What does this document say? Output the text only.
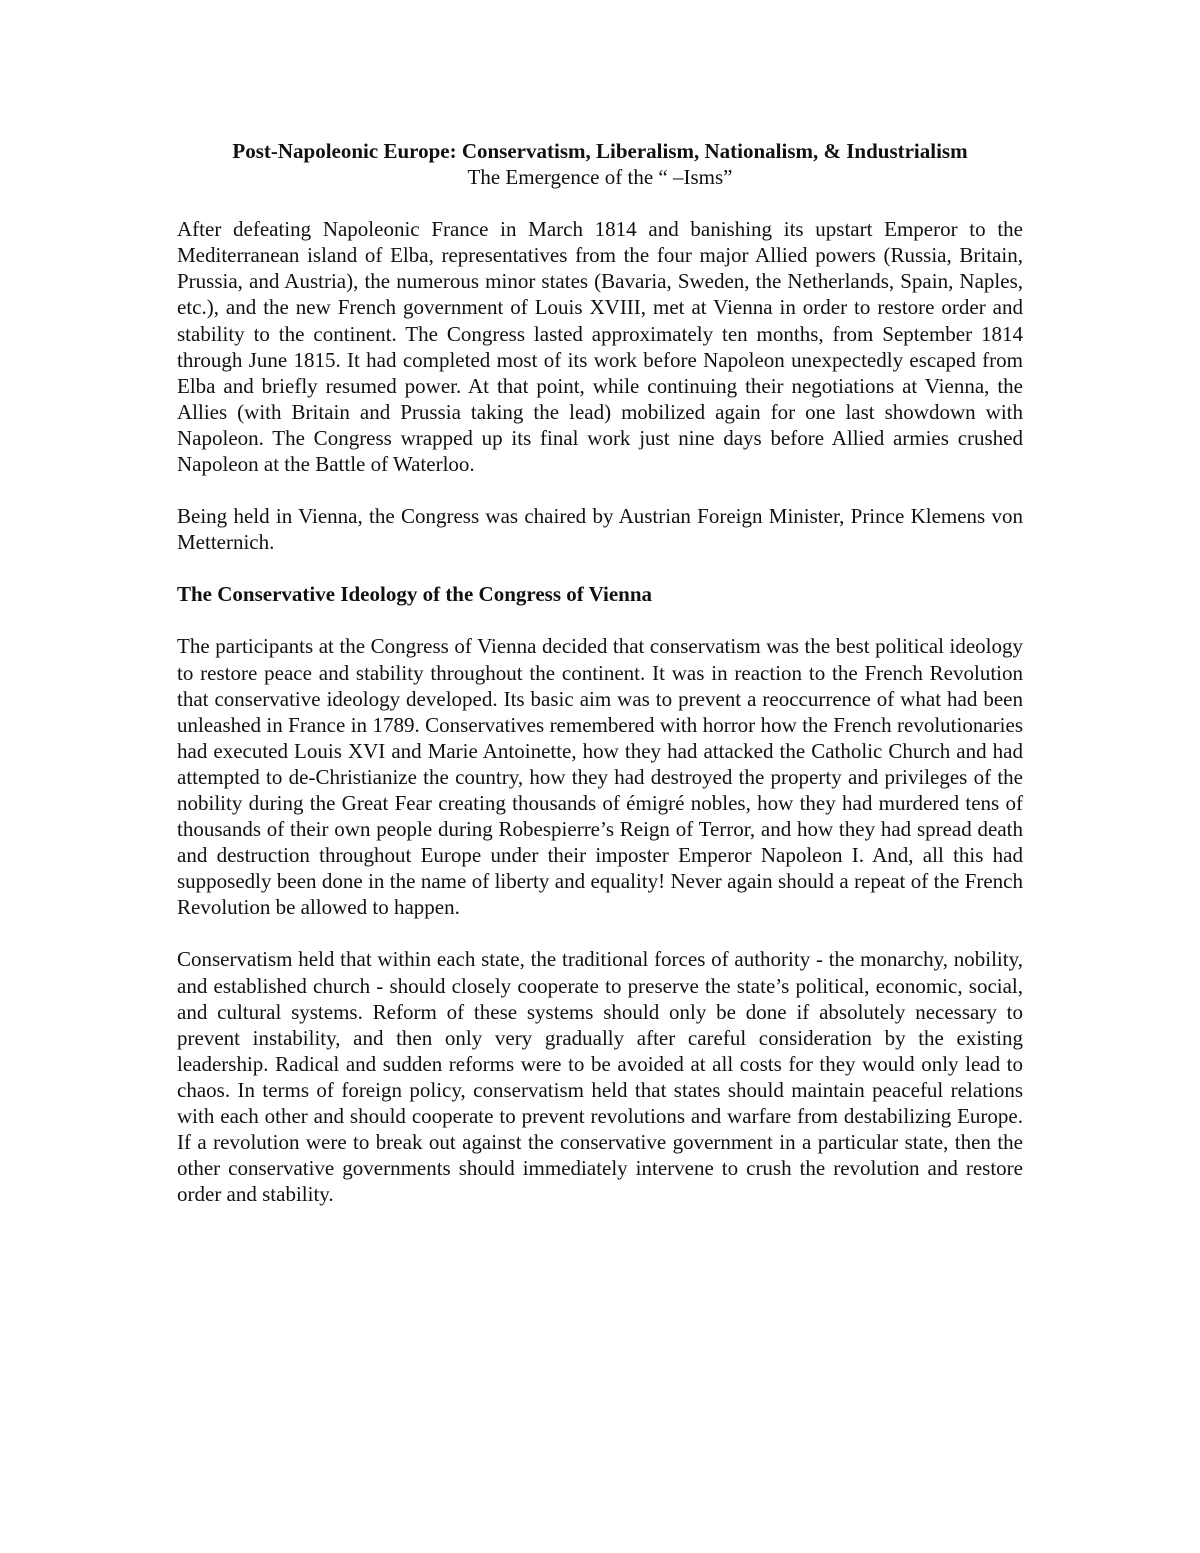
Post-Napoleonic Europe: Conservatism, Liberalism, Nationalism, & Industrialism
The Emergence of the “ –Isms”

After defeating Napoleonic France in March 1814 and banishing its upstart Emperor to the Mediterranean island of Elba, representatives from the four major Allied powers (Russia, Britain, Prussia, and Austria), the numerous minor states (Bavaria, Sweden, the Netherlands, Spain, Naples, etc.), and the new French government of Louis XVIII, met at Vienna in order to restore order and stability to the continent. The Congress lasted approximately ten months, from September 1814 through June 1815. It had completed most of its work before Napoleon unexpectedly escaped from Elba and briefly resumed power. At that point, while continuing their negotiations at Vienna, the Allies (with Britain and Prussia taking the lead) mobilized again for one last showdown with Napoleon. The Congress wrapped up its final work just nine days before Allied armies crushed Napoleon at the Battle of Waterloo.

Being held in Vienna, the Congress was chaired by Austrian Foreign Minister, Prince Klemens von Metternich.

The Conservative Ideology of the Congress of Vienna

The participants at the Congress of Vienna decided that conservatism was the best political ideology to restore peace and stability throughout the continent. It was in reaction to the French Revolution that conservative ideology developed. Its basic aim was to prevent a reoccurrence of what had been unleashed in France in 1789. Conservatives remembered with horror how the French revolutionaries had executed Louis XVI and Marie Antoinette, how they had attacked the Catholic Church and had attempted to de-Christianize the country, how they had destroyed the property and privileges of the nobility during the Great Fear creating thousands of émigré nobles, how they had murdered tens of thousands of their own people during Robespierre’s Reign of Terror, and how they had spread death and destruction throughout Europe under their imposter Emperor Napoleon I. And, all this had supposedly been done in the name of liberty and equality! Never again should a repeat of the French Revolution be allowed to happen.

Conservatism held that within each state, the traditional forces of authority - the monarchy, nobility, and established church - should closely cooperate to preserve the state’s political, economic, social, and cultural systems. Reform of these systems should only be done if absolutely necessary to prevent instability, and then only very gradually after careful consideration by the existing leadership. Radical and sudden reforms were to be avoided at all costs for they would only lead to chaos. In terms of foreign policy, conservatism held that states should maintain peaceful relations with each other and should cooperate to prevent revolutions and warfare from destabilizing Europe. If a revolution were to break out against the conservative government in a particular state, then the other conservative governments should immediately intervene to crush the revolution and restore order and stability.
